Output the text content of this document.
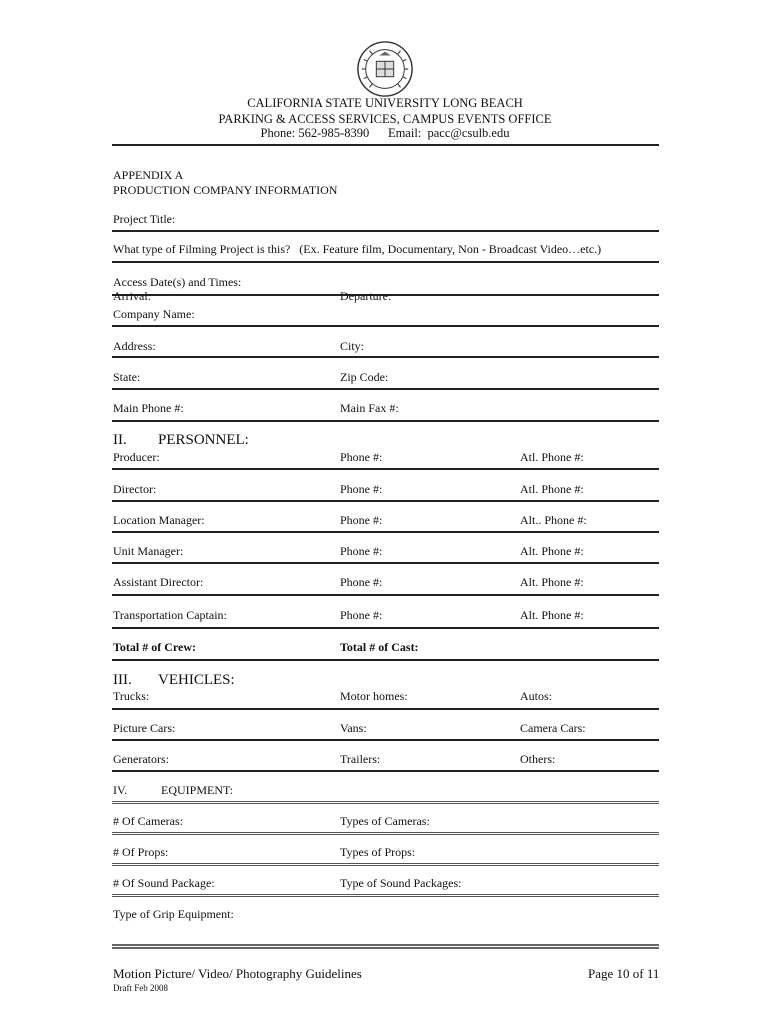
CALIFORNIA STATE UNIVERSITY LONG BEACH
PARKING & ACCESS SERVICES, CAMPUS EVENTS OFFICE
Phone: 562-985-8390      Email:  pacc@csulb.edu
APPENDIX A
PRODUCTION COMPANY INFORMATION
Project Title:
What type of Filming Project is this?   (Ex. Feature film, Documentary, Non - Broadcast Video…etc.)
Access Date(s) and Times:
Arrival:	Departure:
Company Name:
Address:	City:
State:	Zip Code:
Main Phone #:	Main Fax #:
II. PERSONNEL:
Producer:	Phone #:	Atl. Phone #:
Director:	Phone #:	Atl. Phone #:
Location Manager:	Phone #:	Alt.. Phone #:
Unit Manager:	Phone #:	Alt. Phone #:
Assistant Director:	Phone #:	Alt. Phone #:
Transportation Captain:	Phone #:	Alt. Phone #:
Total # of Crew:	Total # of Cast:
III. VEHICLES:
Trucks:	Motor homes:	Autos:
Picture Cars:	Vans:	Camera Cars:
Generators:	Trailers:	Others:
IV.	EQUIPMENT:
# Of Cameras:	Types of Cameras:
# Of Props:	Types of Props:
# Of Sound Package:	Type of Sound Packages:
Type of Grip Equipment:
Motion Picture/ Video/ Photography Guidelines
Draft Feb 2008
Page 10 of 11
